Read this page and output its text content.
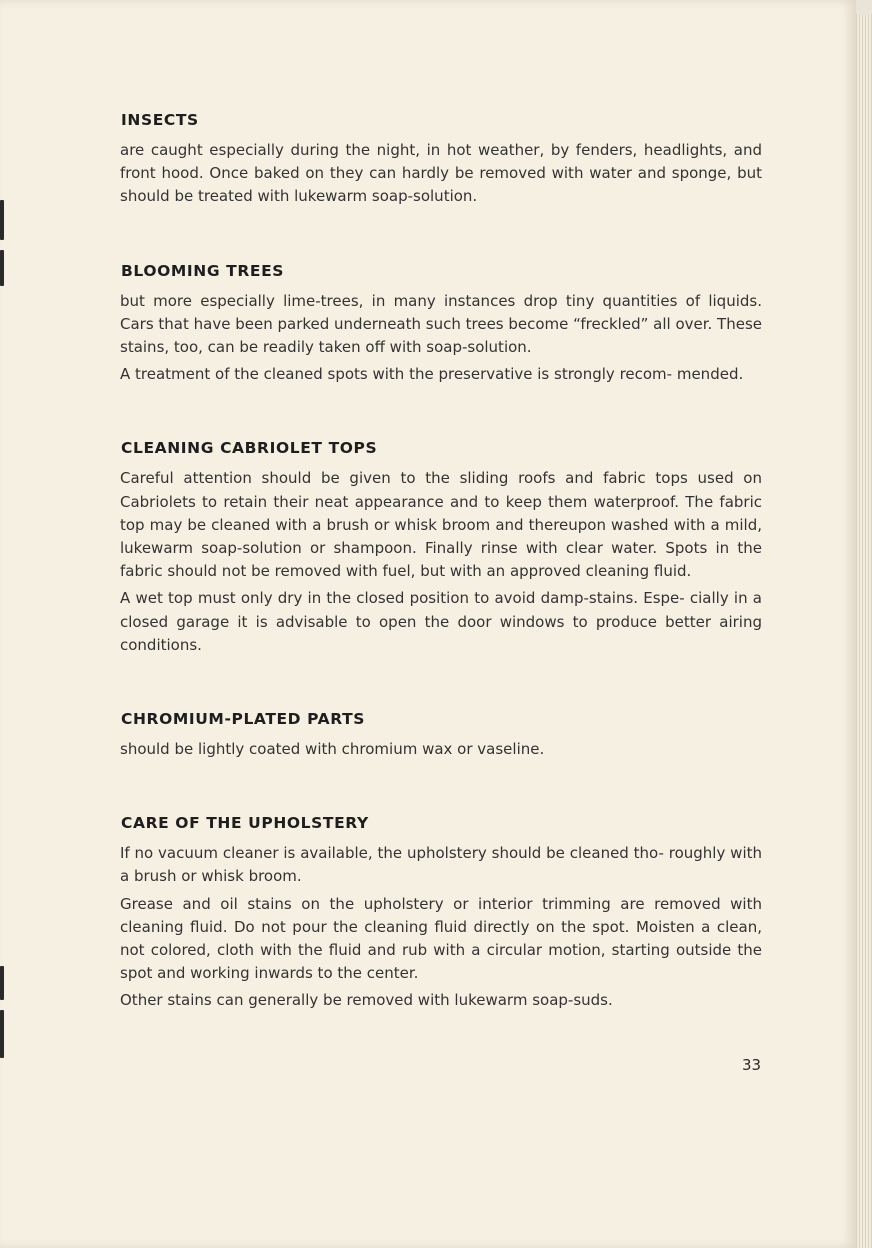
INSECTS

are caught especially during the night, in hot weather, by fenders, headlights, and front hood. Once baked on they can hardly be removed with water and sponge, but should be treated with lukewarm soap-solution.

BLOOMING TREES

but more especially lime-trees, in many instances drop tiny quantities of liquids. Cars that have been parked underneath such trees become “freckled” all over. These stains, too, can be readily taken off with soap-solution.

A treatment of the cleaned spots with the preservative is strongly recom- mended.

CLEANING CABRIOLET TOPS

Careful attention should be given to the sliding roofs and fabric tops used on Cabriolets to retain their neat appearance and to keep them waterproof. The fabric top may be cleaned with a brush or whisk broom and thereupon washed with a mild, lukewarm soap-solution or shampoon. Finally rinse with clear water. Spots in the fabric should not be removed with fuel, but with an approved cleaning fluid.

A wet top must only dry in the closed position to avoid damp-stains. Espe- cially in a closed garage it is advisable to open the door windows to produce better airing conditions.

CHROMIUM-PLATED PARTS

should be lightly coated with chromium wax or vaseline.

CARE OF THE UPHOLSTERY

If no vacuum cleaner is available, the upholstery should be cleaned tho- roughly with a brush or whisk broom.

Grease and oil stains on the upholstery or interior trimming are removed with cleaning fluid. Do not pour the cleaning fluid directly on the spot. Moisten a clean, not colored, cloth with the fluid and rub with a circular motion, starting outside the spot and working inwards to the center.

Other stains can generally be removed with lukewarm soap-suds.

33
